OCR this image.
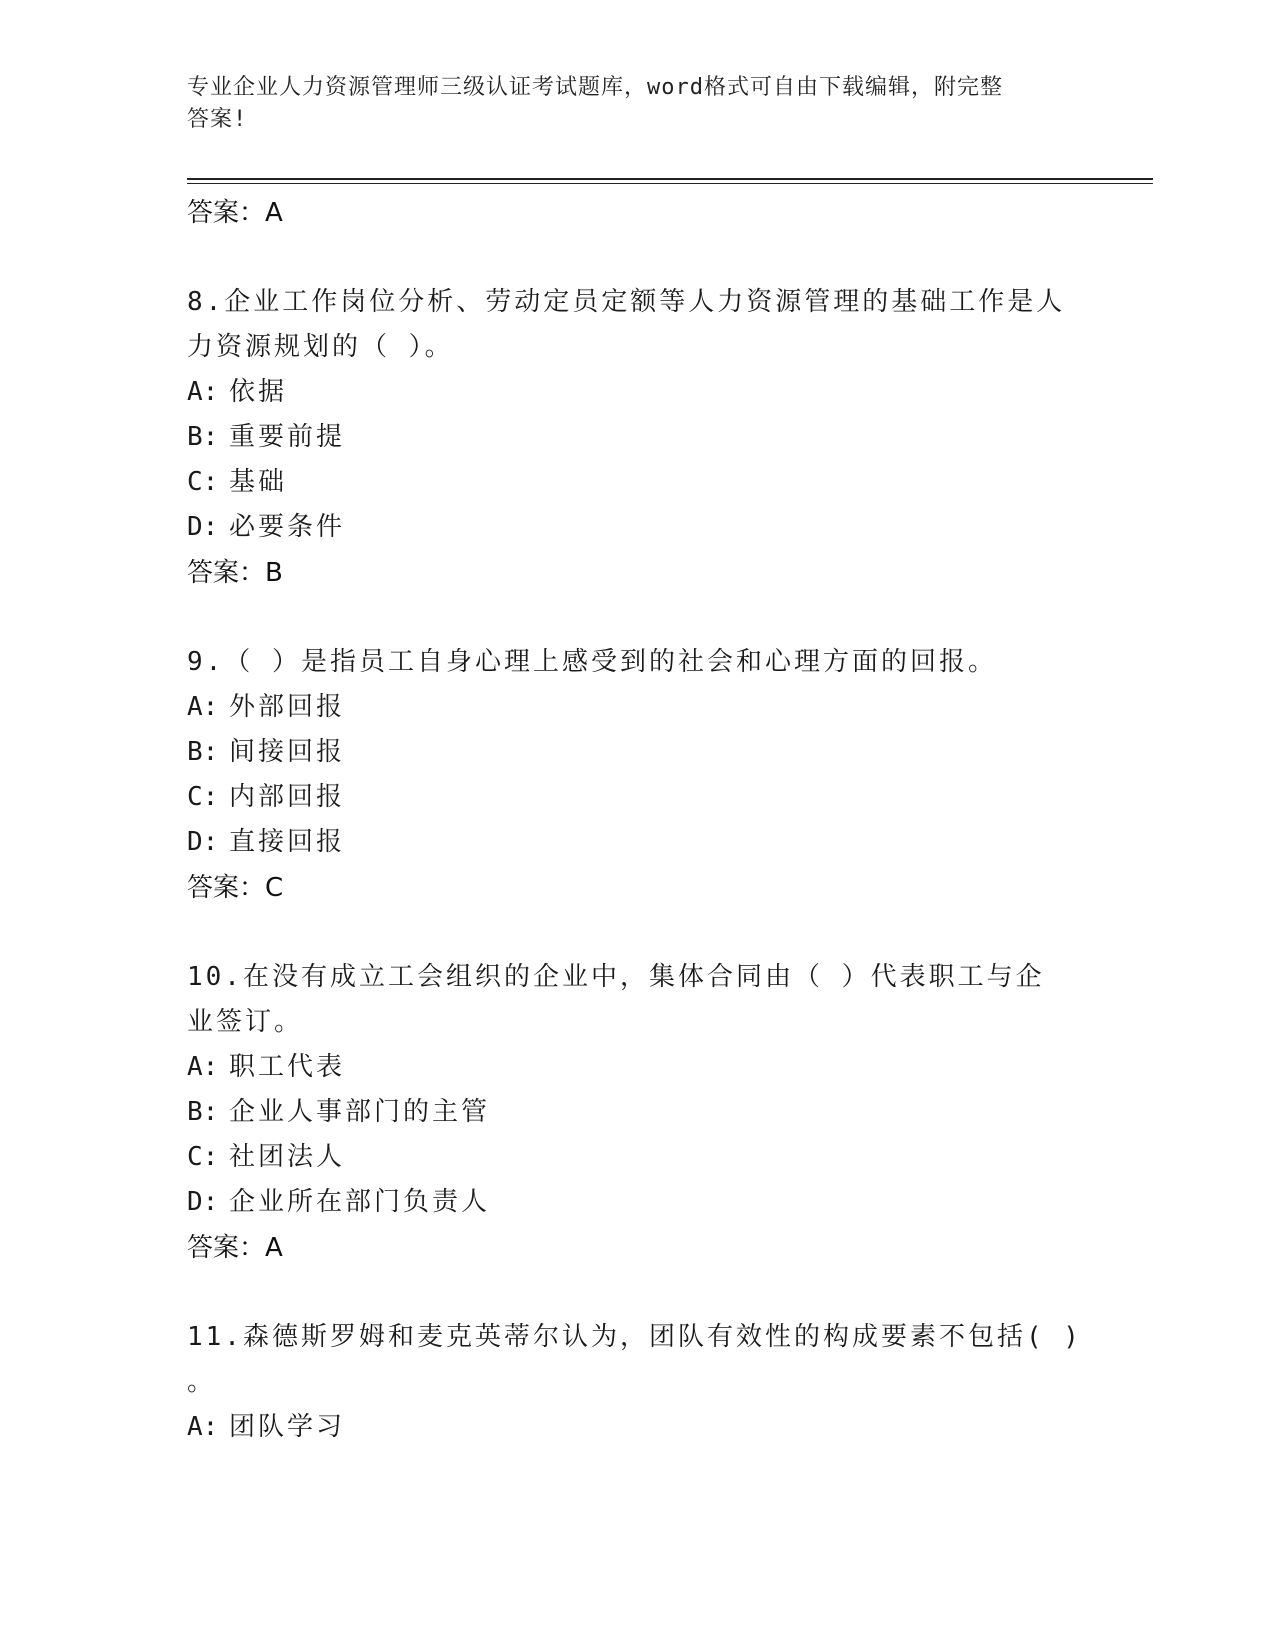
专业企业人力资源管理师三级认证考试题库，word格式可自由下载编辑，附完整
答案!
答案：A
8.企业工作岗位分析、劳动定员定额等人力资源管理的基础工作是人
力资源规划的（ ）。
A: 依据
B: 重要前提
C: 基础
D: 必要条件
答案：B
9.（ ）是指员工自身心理上感受到的社会和心理方面的回报。
A: 外部回报
B: 间接回报
C: 内部回报
D: 直接回报
答案：C
10.在没有成立工会组织的企业中，集体合同由（ ）代表职工与企
业签订。
A: 职工代表
B: 企业人事部门的主管
C: 社团法人
D: 企业所在部门负责人
答案：A
11.森德斯罗姆和麦克英蒂尔认为，团队有效性的构成要素不包括( )
。
A: 团队学习
